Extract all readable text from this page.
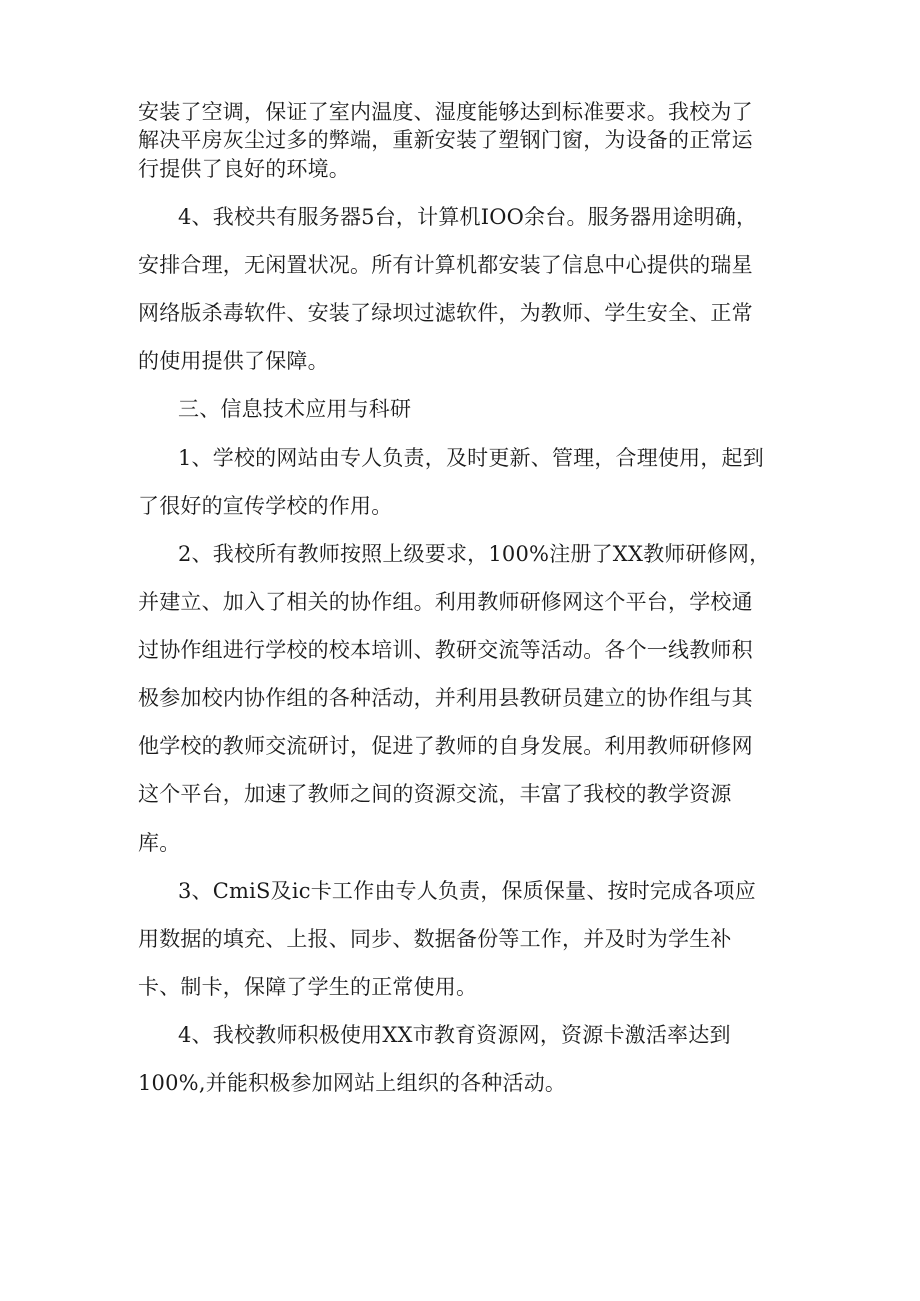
安装了空调，保证了室内温度、湿度能够达到标准要求。我校为了
解决平房灰尘过多的弊端，重新安装了塑钢门窗，为设备的正常运
行提供了良好的环境。
4、我校共有服务器5台，计算机IOO余台。服务器用途明确，
安排合理，无闲置状况。所有计算机都安装了信息中心提供的瑞星
网络版杀毒软件、安装了绿坝过滤软件，为教师、学生安全、正常
的使用提供了保障。
三、信息技术应用与科研
1、学校的网站由专人负责，及时更新、管理，合理使用，起到
了很好的宣传学校的作用。
2、我校所有教师按照上级要求，100%注册了XX教师研修网，
并建立、加入了相关的协作组。利用教师研修网这个平台，学校通
过协作组进行学校的校本培训、教研交流等活动。各个一线教师积
极参加校内协作组的各种活动，并利用县教研员建立的协作组与其
他学校的教师交流研讨，促进了教师的自身发展。利用教师研修网
这个平台，加速了教师之间的资源交流，丰富了我校的教学资源
库。
3、CmiS及ic卡工作由专人负责，保质保量、按时完成各项应
用数据的填充、上报、同步、数据备份等工作，并及时为学生补
卡、制卡，保障了学生的正常使用。
4、我校教师积极使用XX市教育资源网，资源卡激活率达到
100%,并能积极参加网站上组织的各种活动。
